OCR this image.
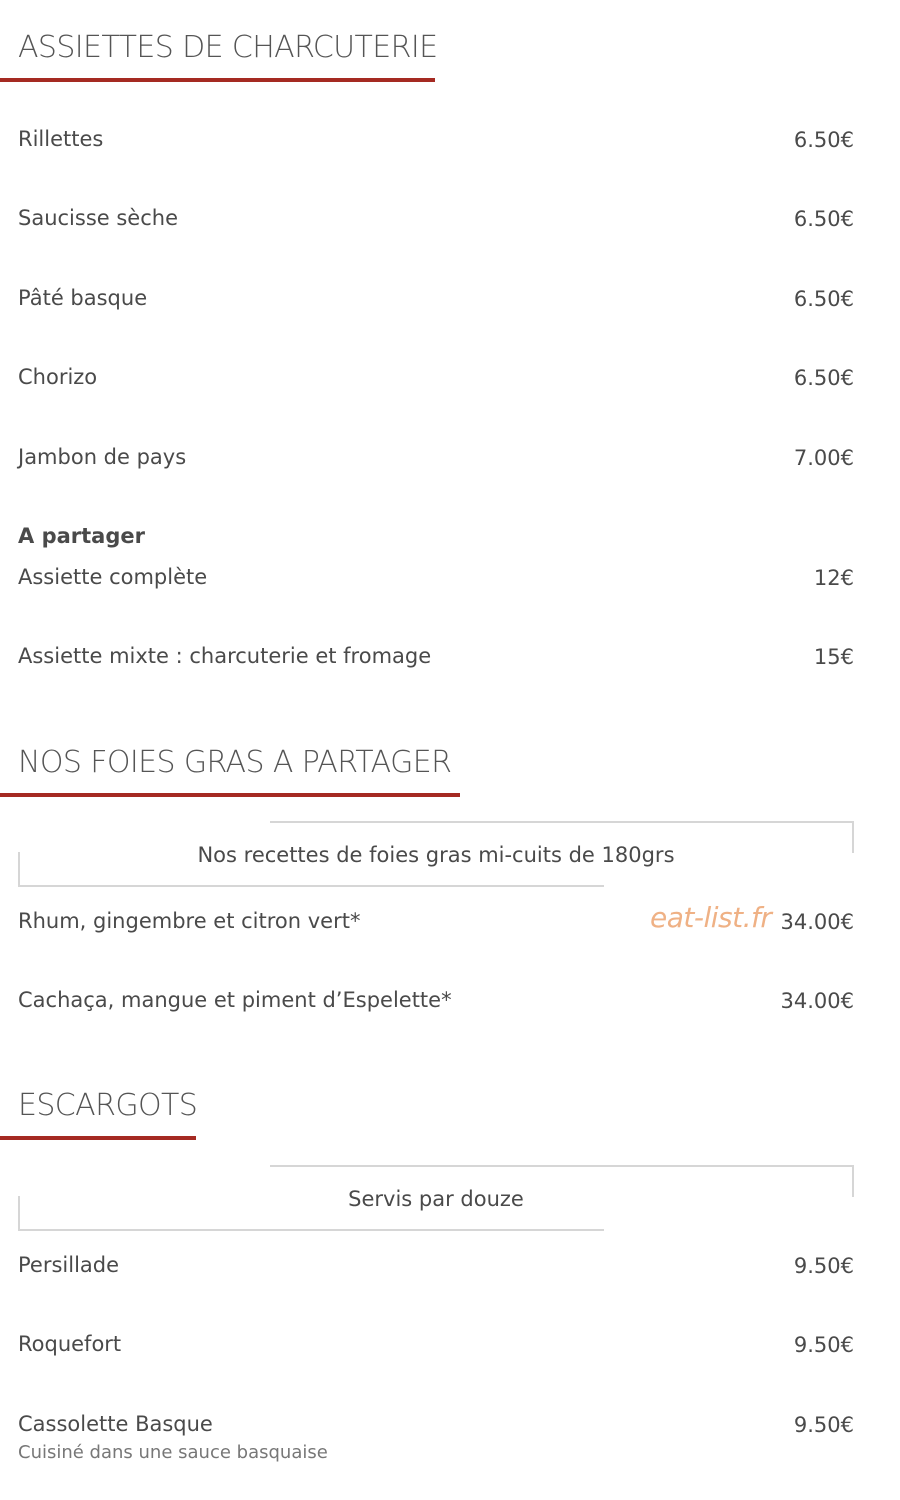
ASSIETTES DE CHARCUTERIE
Rillettes	6.50€
Saucisse sèche	6.50€
Pâté basque	6.50€
Chorizo	6.50€
Jambon de pays	7.00€
A partager
Assiette complète	12€
Assiette mixte : charcuterie et fromage	15€
NOS FOIES GRAS A PARTAGER
Nos recettes de foies gras mi-cuits de 180grs
Rhum, gingembre et citron vert*	34.00€
eat-list.fr
Cachaça, mangue et piment d’Espelette*	34.00€
ESCARGOTS
Servis par douze
Persillade	9.50€
Roquefort	9.50€
Cassolette Basque	9.50€
Cuisiné dans une sauce basquaise
